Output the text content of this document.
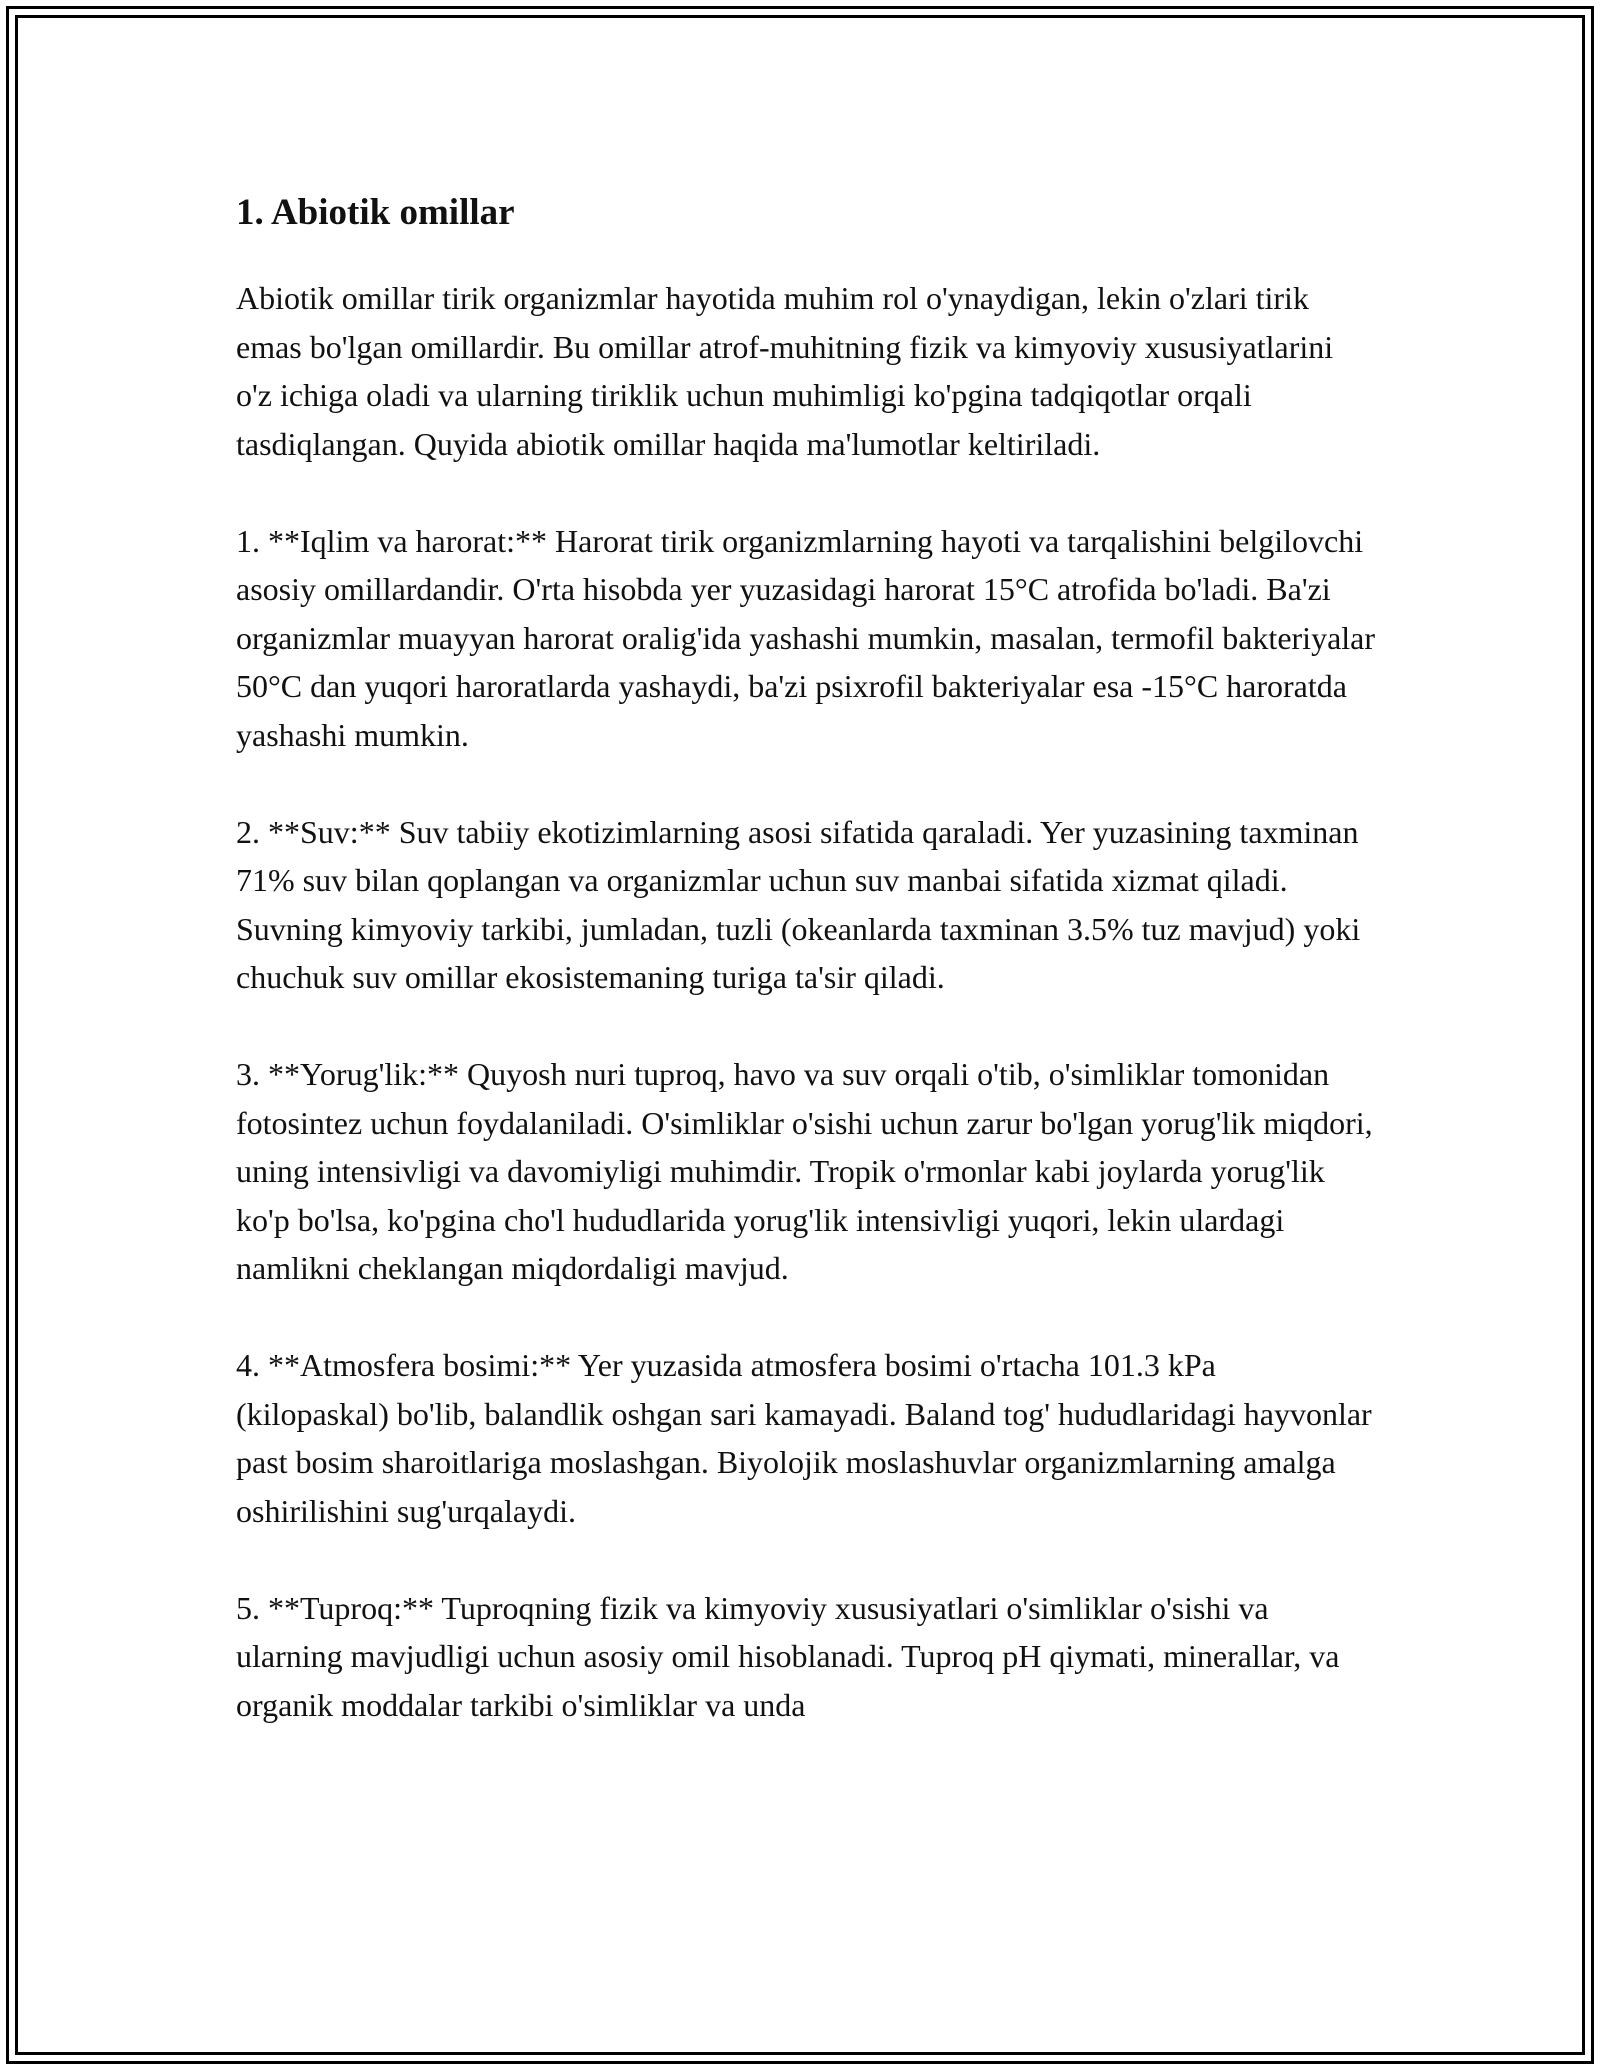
1. Abiotik omillar

Abiotik omillar tirik organizmlar hayotida muhim rol o'ynaydigan, lekin o'zlari tirik emas bo'lgan omillardir. Bu omillar atrof-muhitning fizik va kimyoviy xususiyatlarini o'z ichiga oladi va ularning tiriklik uchun muhimligi ko'pgina tadqiqotlar orqali tasdiqlangan. Quyida abiotik omillar haqida ma'lumotlar keltiriladi.

1. **Iqlim va harorat:** Harorat tirik organizmlarning hayoti va tarqalishini belgilovchi asosiy omillardandir. O'rta hisobda yer yuzasidagi harorat 15°C atrofida bo'ladi. Ba'zi organizmlar muayyan harorat oralig'ida yashashi mumkin, masalan, termofil bakteriyalar 50°C dan yuqori haroratlarda yashaydi, ba'zi psixrofil bakteriyalar esa -15°C haroratda yashashi mumkin.

2. **Suv:** Suv tabiiy ekotizimlarning asosi sifatida qaraladi. Yer yuzasining taxminan 71% suv bilan qoplangan va organizmlar uchun suv manbai sifatida xizmat qiladi. Suvning kimyoviy tarkibi, jumladan, tuzli (okeanlarda taxminan 3.5% tuz mavjud) yoki chuchuk suv omillar ekosistemaning turiga ta'sir qiladi.

3. **Yorug'lik:** Quyosh nuri tuproq, havo va suv orqali o'tib, o'simliklar tomonidan fotosintez uchun foydalaniladi. O'simliklar o'sishi uchun zarur bo'lgan yorug'lik miqdori, uning intensivligi va davomiyligi muhimdir. Tropik o'rmonlar kabi joylarda yorug'lik ko'p bo'lsa, ko'pgina cho'l hududlarida yorug'lik intensivligi yuqori, lekin ulardagi namlikni cheklangan miqdordaligi mavjud.

4. **Atmosfera bosimi:** Yer yuzasida atmosfera bosimi o'rtacha 101.3 kPa (kilopaskal) bo'lib, balandlik oshgan sari kamayadi. Baland tog' hududlaridagi hayvonlar past bosim sharoitlariga moslashgan. Biyolojik moslashuvlar organizmlarning amalga oshirilishini sug'urqalaydi.

5. **Tuproq:** Tuproqning fizik va kimyoviy xususiyatlari o'simliklar o'sishi va ularning mavjudligi uchun asosiy omil hisoblanadi. Tuproq pH qiymati, minerallar, va organik moddalar tarkibi o'simliklar va unda
